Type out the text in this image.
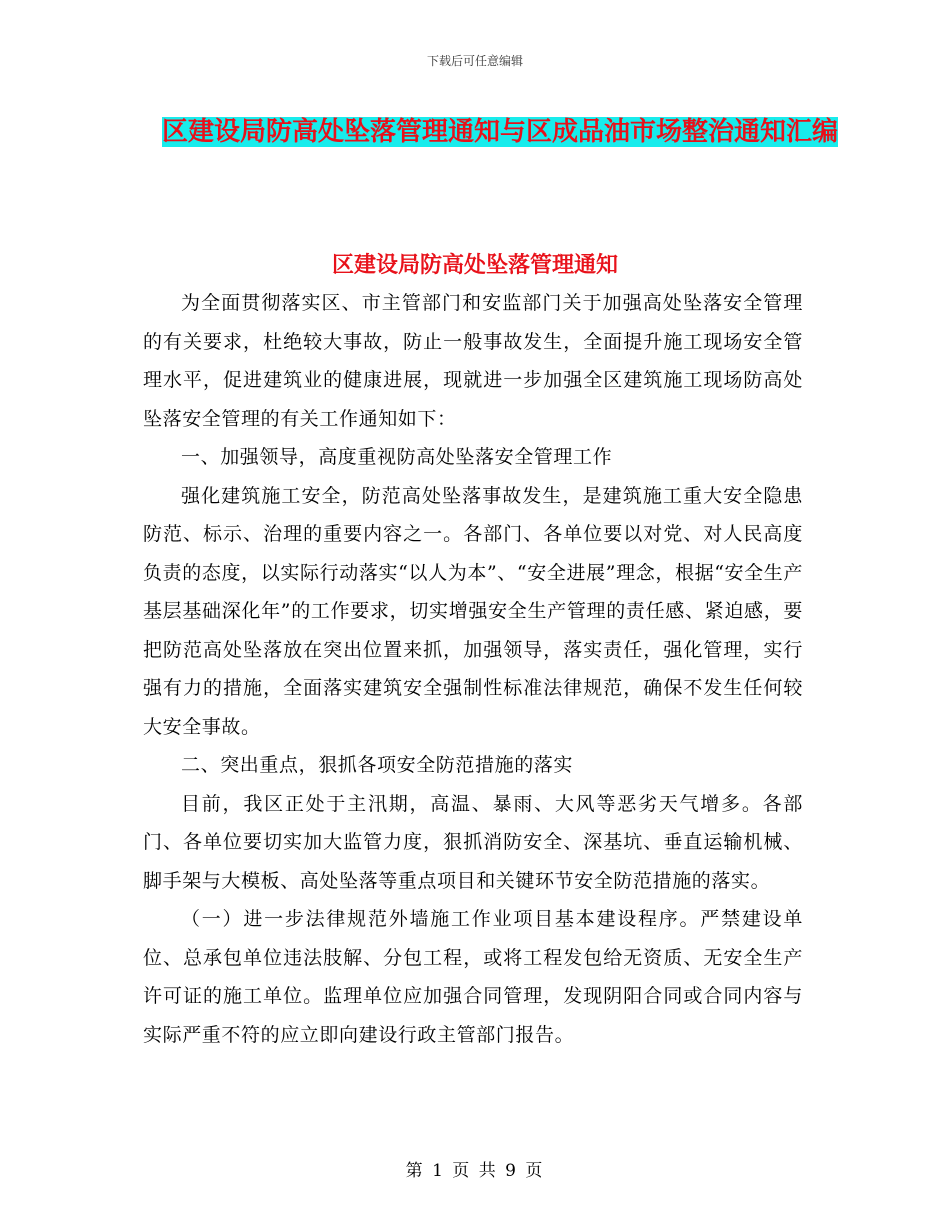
下载后可任意编辑
区建设局防高处坠落管理通知与区成品油市场整治通知汇编
区建设局防高处坠落管理通知

为全面贯彻落实区、市主管部门和安监部门关于加强高处坠落安全管理的有关要求，杜绝较大事故，防止一般事故发生，全面提升施工现场安全管理水平，促进建筑业的健康进展，现就进一步加强全区建筑施工现场防高处坠落安全管理的有关工作通知如下：

一、加强领导，高度重视防高处坠落安全管理工作

强化建筑施工安全，防范高处坠落事故发生，是建筑施工重大安全隐患防范、标示、治理的重要内容之一。各部门、各单位要以对党、对人民高度负责的态度，以实际行动落实“以人为本”、“安全进展”理念，根据“安全生产基层基础深化年”的工作要求，切实增强安全生产管理的责任感、紧迫感，要把防范高处坠落放在突出位置来抓，加强领导，落实责任，强化管理，实行强有力的措施，全面落实建筑安全强制性标准法律规范，确保不发生任何较大安全事故。

二、突出重点，狠抓各项安全防范措施的落实

目前，我区正处于主汛期，高温、暴雨、大风等恶劣天气增多。各部门、各单位要切实加大监管力度，狠抓消防安全、深基坑、垂直运输机械、脚手架与大模板、高处坠落等重点项目和关键环节安全防范措施的落实。

（一）进一步法律规范外墙施工作业项目基本建设程序。严禁建设单位、总承包单位违法肢解、分包工程，或将工程发包给无资质、无安全生产许可证的施工单位。监理单位应加强合同管理，发现阴阳合同或合同内容与实际严重不符的应立即向建设行政主管部门报告。

第 1 页 共 9 页
